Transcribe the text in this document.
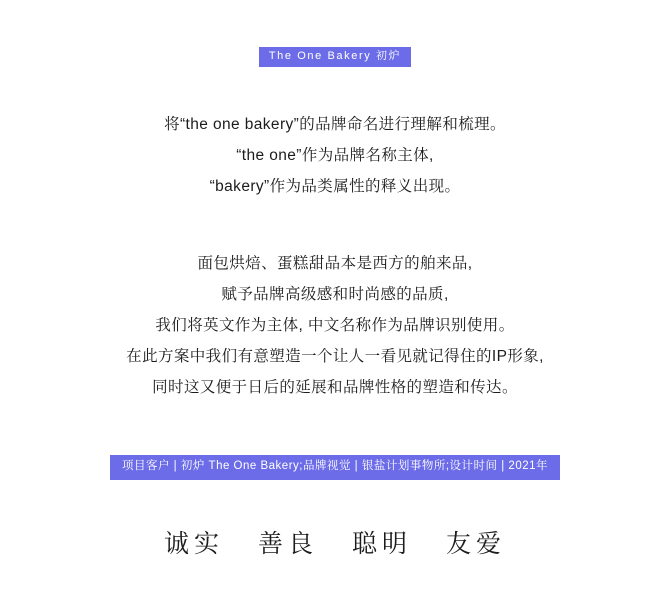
The One Bakery 初炉
将“the one bakery”的品牌命名进行理解和梳理。
“the one”作为品牌名称主体,
“bakery”作为品类属性的释义出现。
面包烘焙、蛋糕甜品本是西方的舶来品,
赋予品牌高级感和时尚感的品质,
我们将英文作为主体, 中文名称作为品牌识别使用。
在此方案中我们有意塑造一个让人一看见就记得住的IP形象,
同时这又便于日后的延展和品牌性格的塑造和传达。
项目客户 | 初炉 The One Bakery;品牌视觉 | 银盐计划事物所;设计时间 | 2021年
诚实 善良 聪明 友爱
